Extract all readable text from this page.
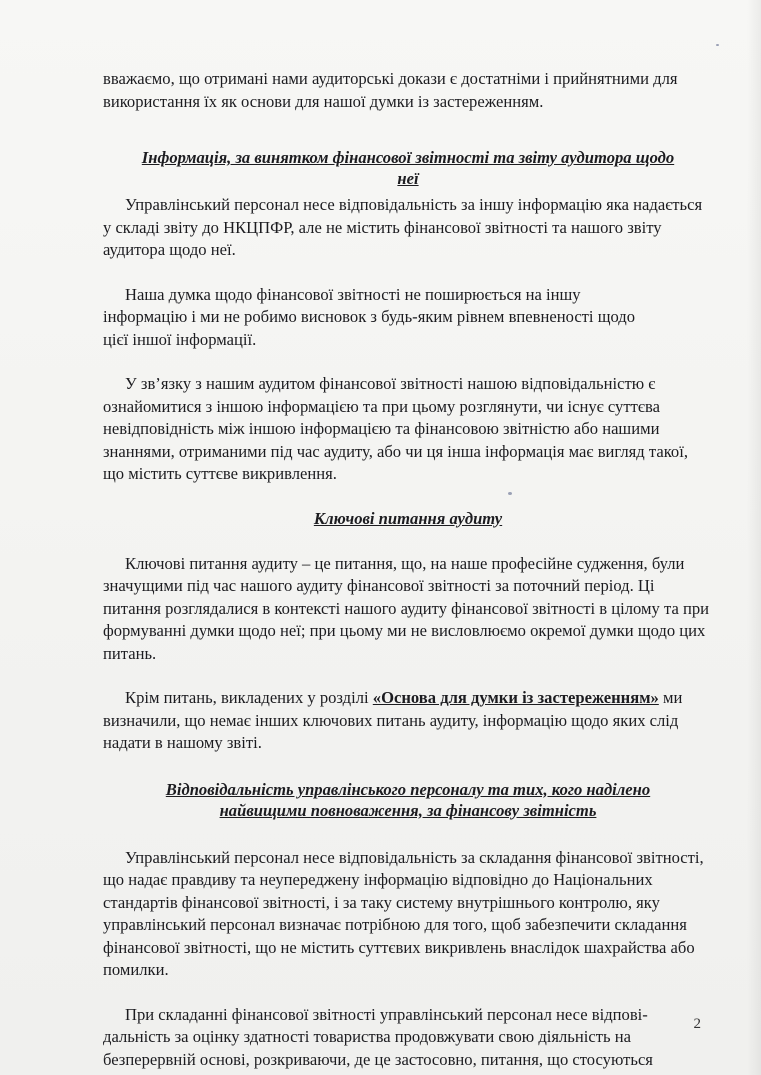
вважаємо, що отримані нами аудиторські докази є достатніми і прийнятними для використання їх як основи для нашої думки із застереженням.

Інформація, за винятком фінансової звітності та звіту аудитора щодо неї

Управлінський персонал несе відповідальність за іншу інформацію яка надається у складі звіту до НКЦПФР, але не містить фінансової звітності та нашого звіту аудитора щодо неї.

Наша думка щодо фінансової звітності не поширюється на іншу інформацію і ми не робимо висновок з будь-яким рівнем впевненості щодо цієї іншої інформації.

У зв’язку з нашим аудитом фінансової звітності нашою відповідальністю є ознайомитися з іншою інформацією та при цьому розглянути, чи існує суттєва невідповідність між іншою інформацією та фінансовою звітністю або нашими знаннями, отриманими під час аудиту, або чи ця інша інформація має вигляд такої, що містить суттєве викривлення.

Ключові питання аудиту

Ключові питання аудиту – це питання, що, на наше професійне судження, були значущими під час нашого аудиту фінансової звітності за поточний період. Ці питання розглядалися в контексті нашого аудиту фінансової звітності в цілому та при формуванні думки щодо неї; при цьому ми не висловлюємо окремої думки щодо цих питань.

Крім питань, викладених у розділі «Основа для думки із застереженням» ми визначили, що немає інших ключових питань аудиту, інформацію щодо яких слід надати в нашому звіті.

Відповідальність управлінського персоналу та тих, кого наділено найвищими повноваження, за фінансову звітність

Управлінський персонал несе відповідальність за складання фінансової звітності, що надає правдиву та неупереджену інформацію відповідно до Національних стандартів фінансової звітності, і за таку систему внутрішнього контролю, яку управлінський персонал визначає потрібною для того, щоб забезпечити складання фінансової звітності, що не містить суттєвих викривлень внаслідок шахрайства або помилки.

При складанні фінансової звітності управлінський персонал несе відпові-дальність за оцінку здатності товариства продовжувати свою діяльність на безперервній основі, розкриваючи, де це застосовно, питання, що стосуються

2
